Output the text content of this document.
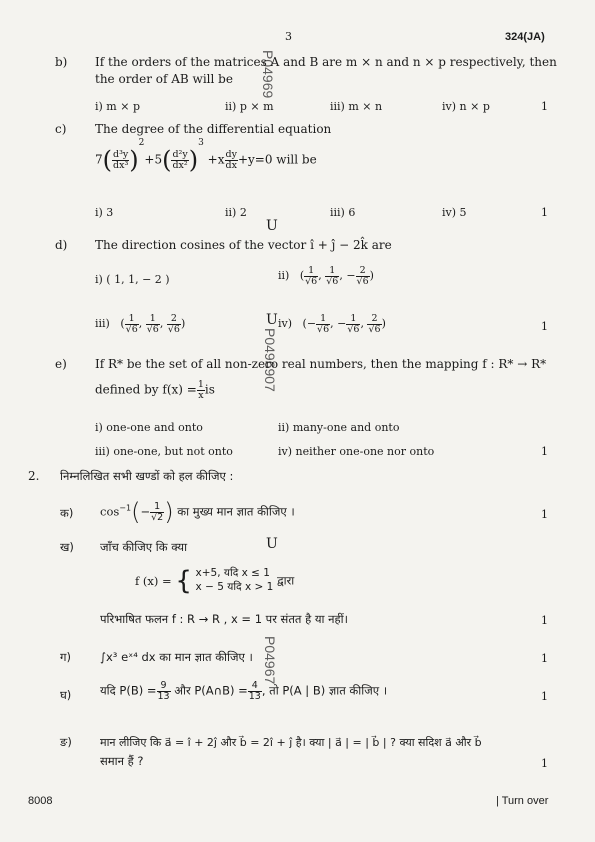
3	324(JA)
P04969
P0496907
P04967
U
U
U
b) If the orders of the matrices A and B are m × n and n × p respectively, then
the order of AB will be
i) m × p	ii) p × m	iii) m × n	iv) n × p	1
c) The degree of the differential equation
$7( \frac{\text{d³y}}{\text{dx³}} )^2+5( \frac{\text{d²y}}{\text{dx²}} )^3 +x \frac{dy}{dx} +y=0$ will be
i) 3	ii) 2	iii) 6	iv) 5	1
d) The direction cosines of the vector î + ĵ − 2k̂ are
i) ( 1, 1, − 2 )	ii)   ( $\frac{1}{√6}$ , $\frac{1}{√6}$ , − $\frac{2}{√6}$ )
iii)   ( $\frac{1}{√6}$ , $\frac{1}{√6}$ , $\frac{2}{√6}$ )	iv)   (− $\frac{1}{√6}$ , − $\frac{1}{√6}$ , $\frac{2}{√6}$ )	1
e) If R* be the set of all non-zero real numbers, then the mapping f : R* → R*
defined by $f(x) = \frac{1}{x}$ is
i) one-one and onto	ii) many-one and onto
iii) one-one, but not onto	iv) neither one-one nor onto	1
2. निम्नलिखित सभी खण्डों को हल कीजिए :
क) $\cos^{-1}(- \frac{1}{√2}$ ) का मुख्य मान ज्ञात कीजिए ।	1
ख) जाँच कीजिए कि क्या
f (x) = { x+5, यदि x ≤ 1
x − 5 यदि x > 1 द्वारा
परिभाषित फलन f : R → R , x = 1 पर संतत है या नहीं।	1
ग)	∫x³ eˣ⁴ dx का मान ज्ञात कीजिए ।	1
घ) यदि $P(B) = \frac{9}{13}$ और P(A∩B) = $\frac{4}{13}$ , तो P(A | B) ज्ञात कीजिए ।	1
ङ)	मान लीजिए कि a⃗ = î + 2ĵ और b⃗ = 2î + ĵ है। क्या | a⃗ | = | b⃗ | ? क्या सदिश a⃗ और b⃗
समान हैं ?	1
8008	| Turn over
